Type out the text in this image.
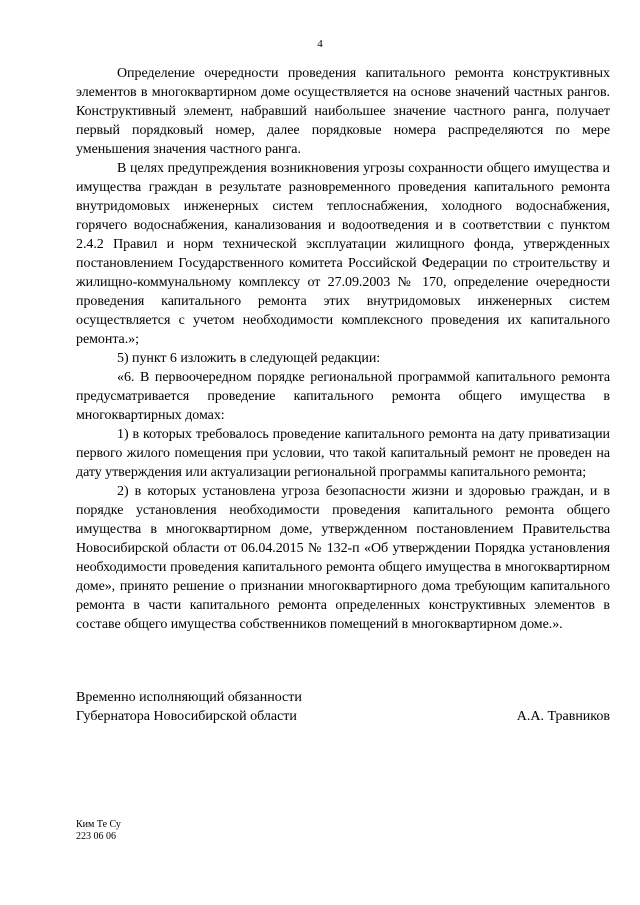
4

Определение очередности проведения капитального ремонта конструктивных элементов в многоквартирном доме осуществляется на основе значений частных рангов. Конструктивный элемент, набравший наибольшее значение частного ранга, получает первый порядковый номер, далее порядковые номера распределяются по мере уменьшения значения частного ранга.

В целях предупреждения возникновения угрозы сохранности общего имущества и имущества граждан в результате разновременного проведения капитального ремонта внутридомовых инженерных систем теплоснабжения, холодного водоснабжения, горячего водоснабжения, канализования и водоотведения и в соответствии с пунктом 2.4.2 Правил и норм технической эксплуатации жилищного фонда, утвержденных постановлением Государственного комитета Российской Федерации по строительству и жилищно-коммунальному комплексу от 27.09.2003 № 170, определение очередности проведения капитального ремонта этих внутридомовых инженерных систем осуществляется с учетом необходимости комплексного проведения их капитального ремонта.»;

5) пункт 6 изложить в следующей редакции:

«6. В первоочередном порядке региональной программой капитального ремонта предусматривается проведение капитального ремонта общего имущества в многоквартирных домах:

1) в которых требовалось проведение капитального ремонта на дату приватизации первого жилого помещения при условии, что такой капитальный ремонт не проведен на дату утверждения или актуализации региональной программы капитального ремонта;

2) в которых установлена угроза безопасности жизни и здоровью граждан, и в порядке установления необходимости проведения капитального ремонта общего имущества в многоквартирном доме, утвержденном постановлением Правительства Новосибирской области от 06.04.2015 № 132-п «Об утверждении Порядка установления необходимости проведения капитального ремонта общего имущества в многоквартирном доме», принято решение о признании многоквартирного дома требующим капитального ремонта в части капитального ремонта определенных конструктивных элементов в составе общего имущества собственников помещений в многоквартирном доме.».

Временно исполняющий обязанности
Губернатора Новосибирской области	А.А. Травников
Ким Те Су
223 06 06
